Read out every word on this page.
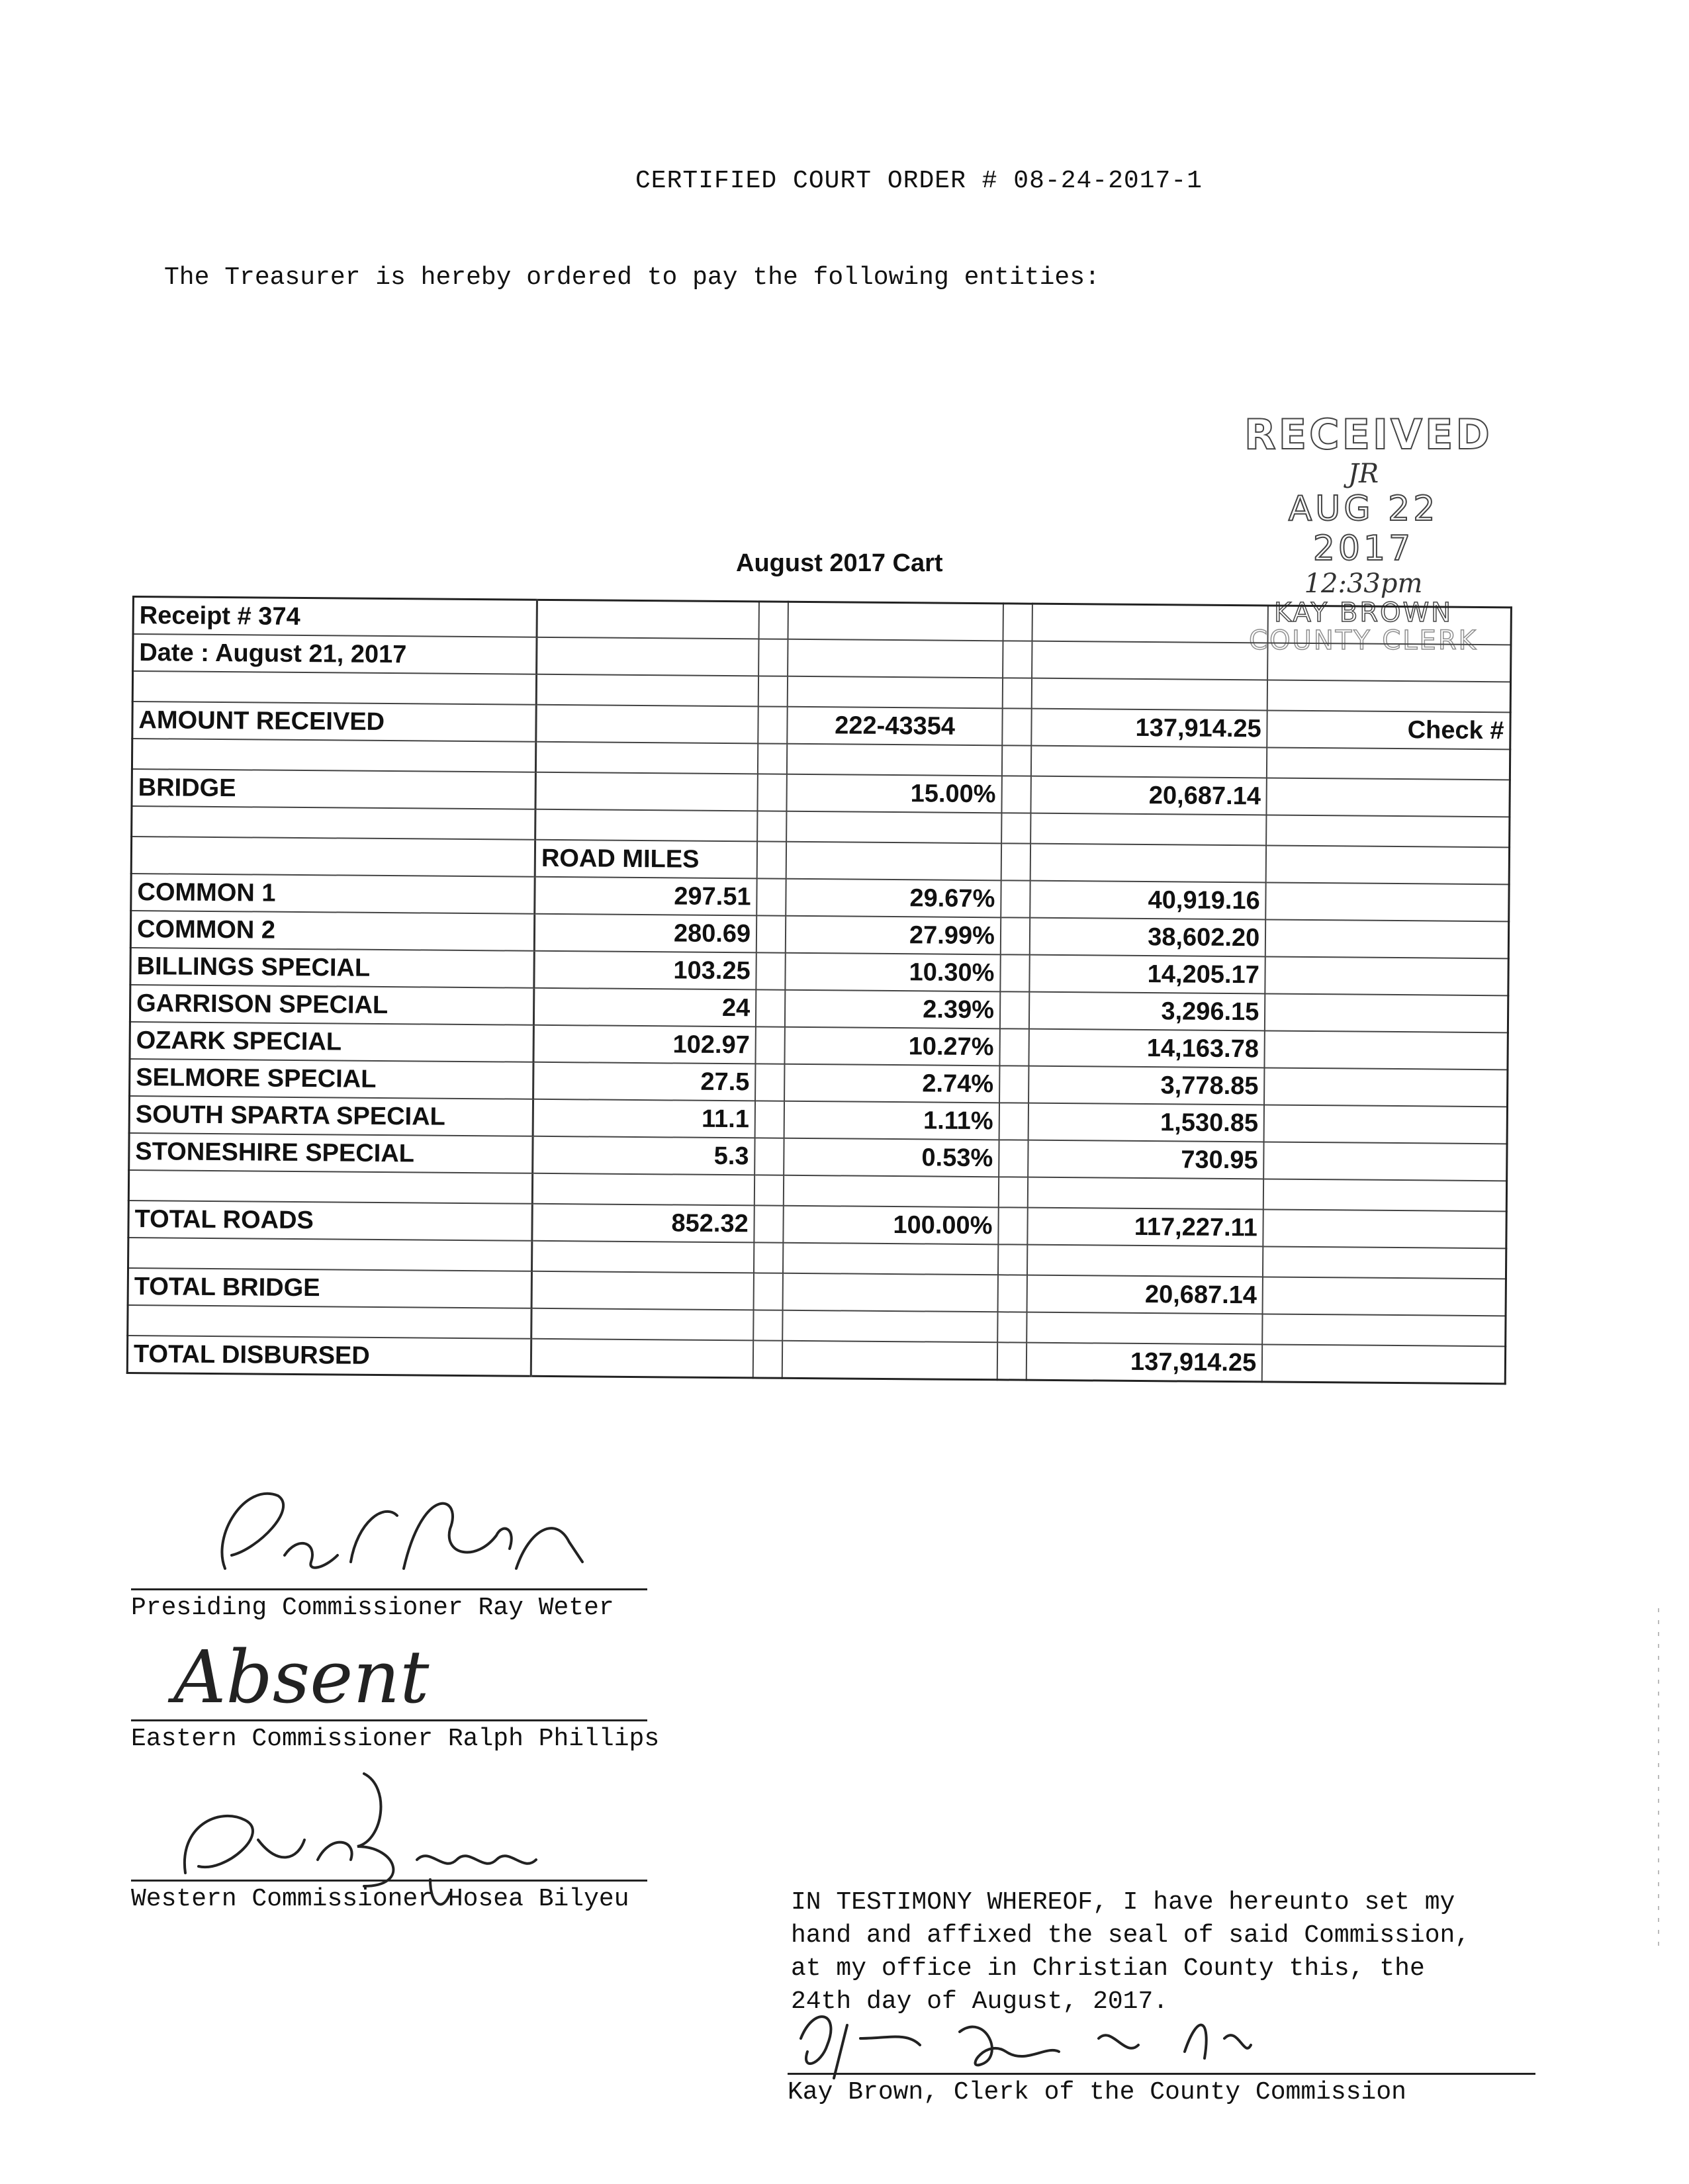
CERTIFIED COURT ORDER # 08-24-2017-1
The Treasurer is hereby ordered to pay the following entities:
RECEIVED
JR
AUG 22 2017
12:33pm
KAY BROWN
COUNTY CLERK
August 2017 Cart
Receipt # 374						
Date : August 21, 2017						

AMOUNT RECEIVED			222-43354		137,914.25	Check #

BRIDGE			15.00%		20,687.14	

	ROAD MILES					
COMMON 1	297.51		29.67%		40,919.16	
COMMON 2	280.69		27.99%		38,602.20	
BILLINGS SPECIAL	103.25		10.30%		14,205.17	
GARRISON SPECIAL	24		2.39%		3,296.15	
OZARK SPECIAL	102.97		10.27%		14,163.78	
SELMORE SPECIAL	27.5		2.74%		3,778.85	
SOUTH SPARTA SPECIAL	11.1		1.11%		1,530.85	
STONESHIRE SPECIAL	5.3		0.53%		730.95	

TOTAL ROADS	852.32		100.00%		117,227.11	

TOTAL BRIDGE					20,687.14	

TOTAL DISBURSED					137,914.25	
Presiding Commissioner Ray Weter
Absent
Eastern Commissioner Ralph Phillips
Western Commissioner Hosea Bilyeu	IN TESTIMONY WHEREOF, I have hereunto set my
hand and affixed the seal of said Commission,
at my office in Christian County this, the
24th day of August, 2017.
Kay Brown, Clerk of the County Commission
